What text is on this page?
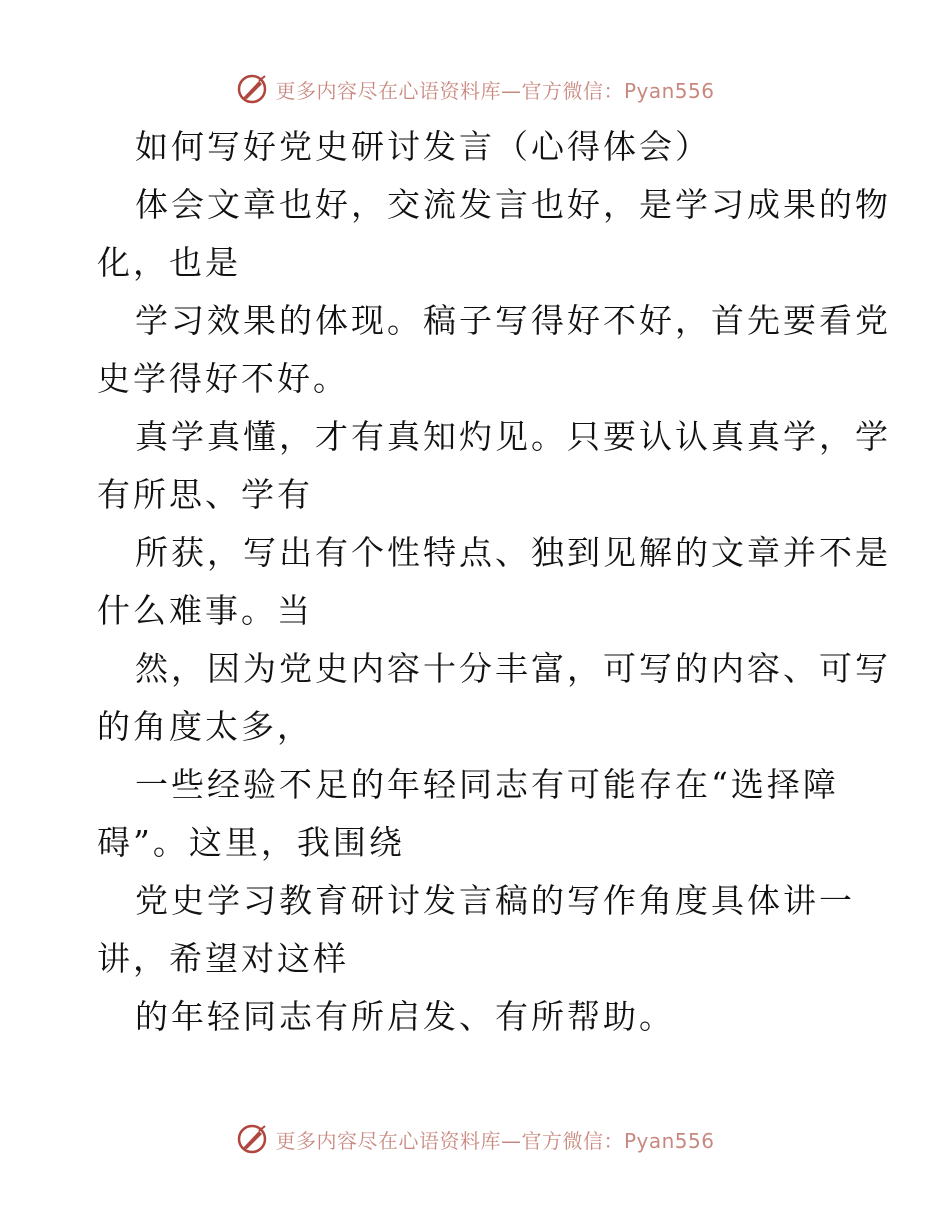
更多内容尽在心语资料库—官方微信：Pyan556
如何写好党史研讨发言（心得体会）
体会文章也好，交流发言也好，是学习成果的物
化，也是
学习效果的体现。稿子写得好不好，首先要看党
史学得好不好。
真学真懂，才有真知灼见。只要认认真真学，学
有所思、学有
所获，写出有个性特点、独到见解的文章并不是
什么难事。当
然，因为党史内容十分丰富，可写的内容、可写
的角度太多，
一些经验不足的年轻同志有可能存在“选择障
碍”。这里，我围绕
党史学习教育研讨发言稿的写作角度具体讲一
讲，希望对这样
的年轻同志有所启发、有所帮助。
更多内容尽在心语资料库—官方微信：Pyan556
